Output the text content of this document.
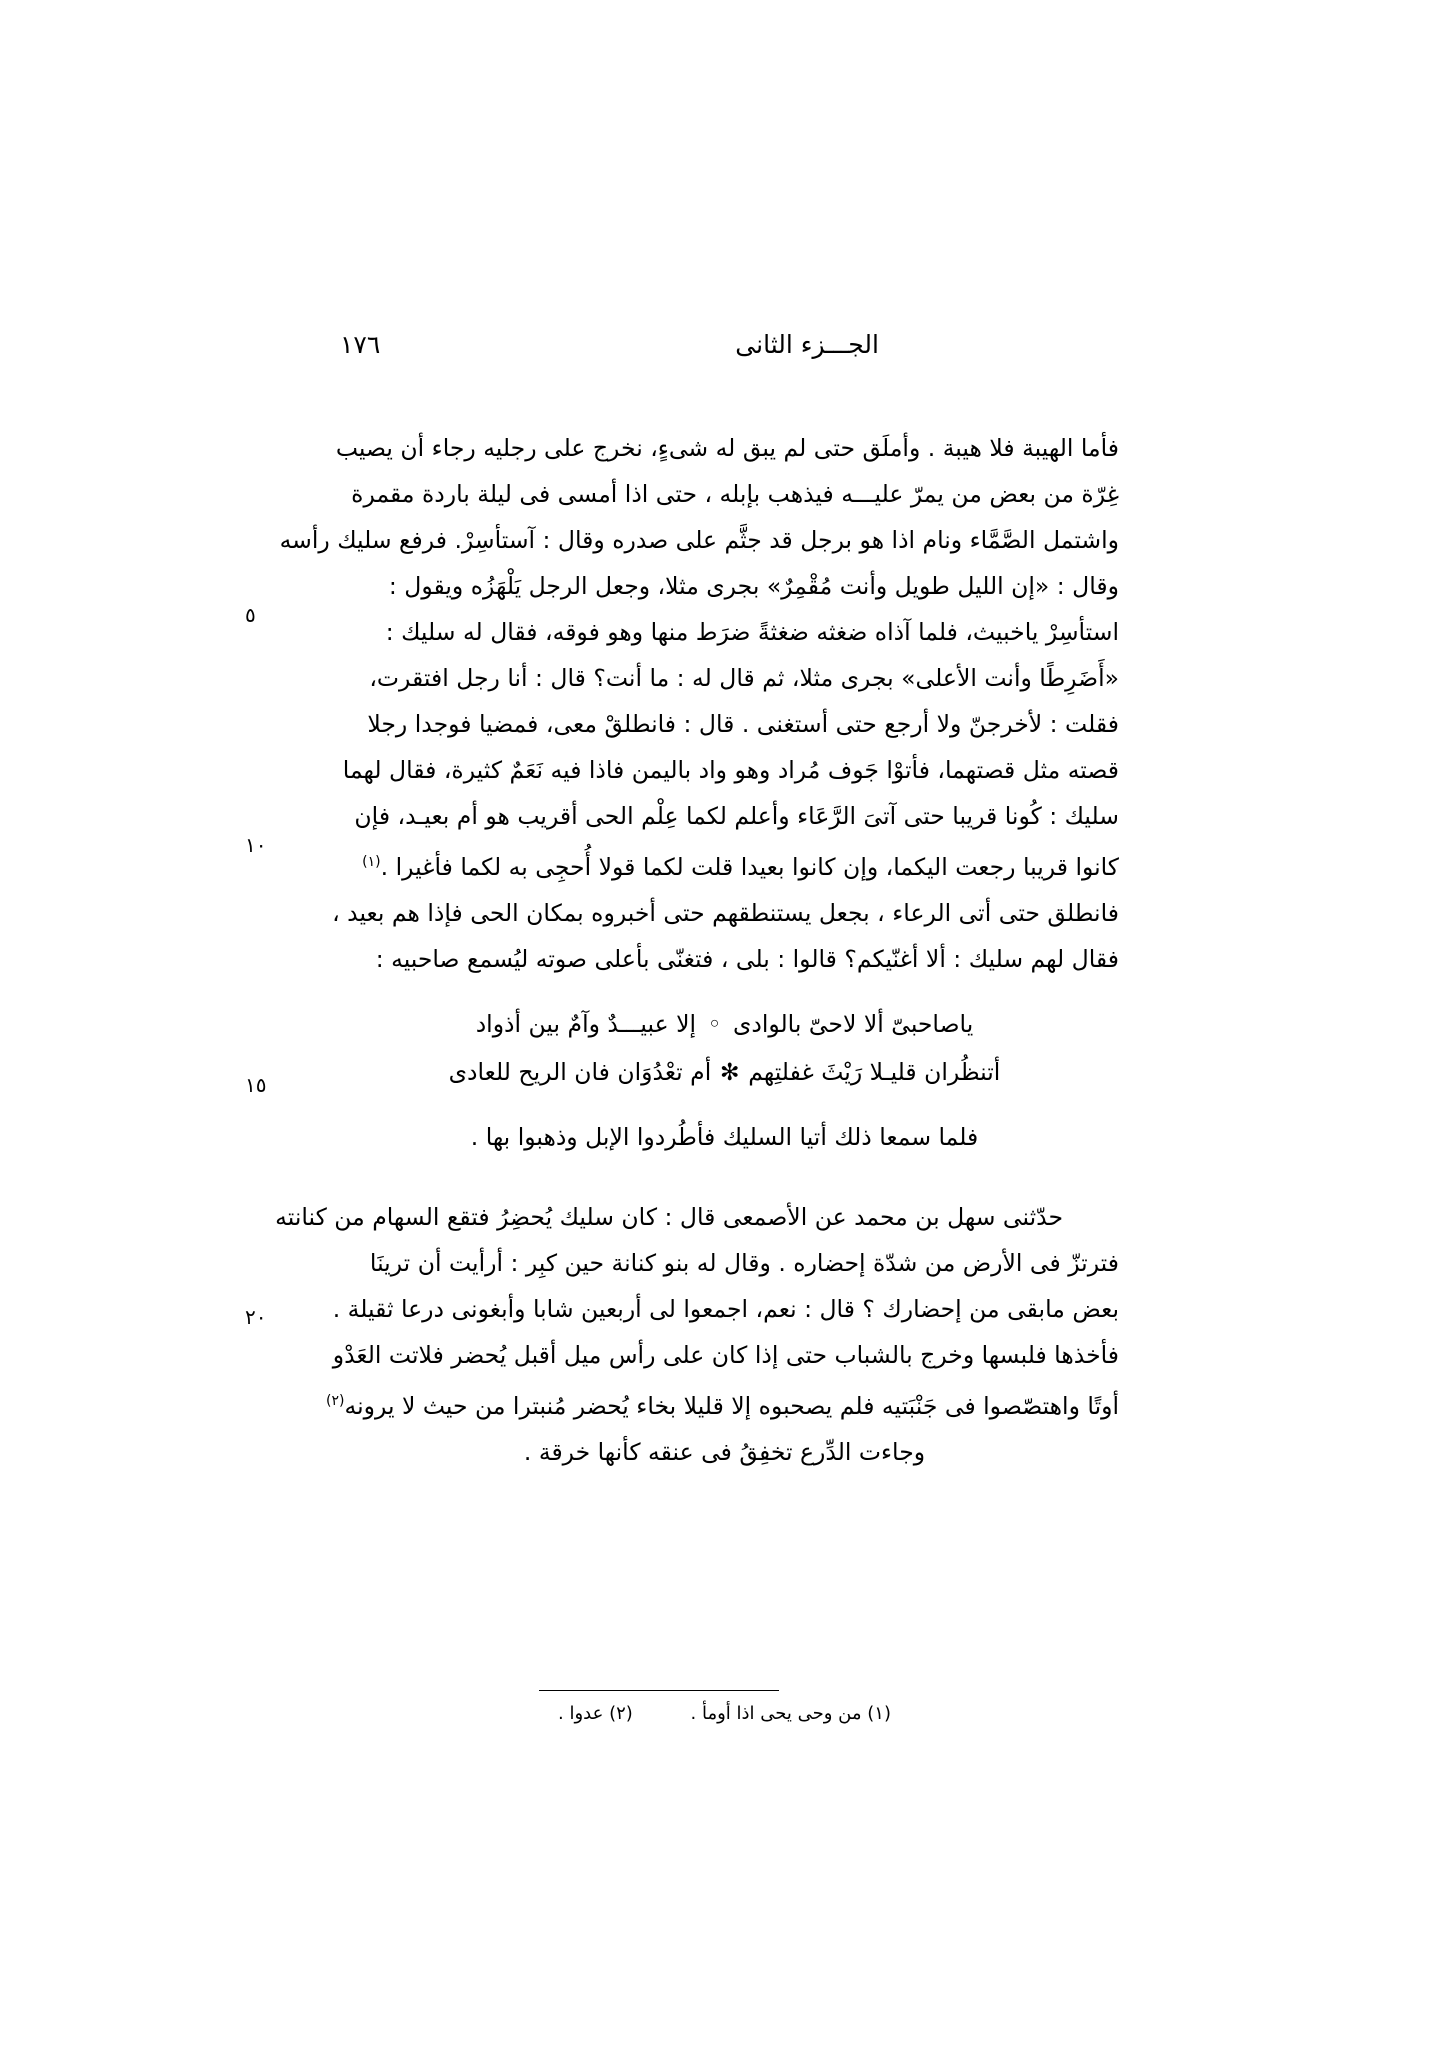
الجـــزء الثانى
١٧٦
٥
١٠
١٥
٢٠
فأما الهيبة فلا هيبة . وأملَق حتى لم يبق له شىءٍ، نخرج على رجليه رجاء أن يصيب
غِرّة من بعض من يمرّ عليـــه فيذهب بإبله ، حتى اذا أمسى فى ليلة باردة مقمرة
واشتمل الصَّمَّاء ونام اذا هو برجل قد جثَّم على صدره وقال : آستأسِرْ. فرفع سليك رأسه
وقال : «إن الليل طويل وأنت مُقْمِرٌ» بجرى مثلا، وجعل الرجل يَلْهَزُه ويقول :
استأسِرْ ياخبيث، فلما آذاه ضغثه ضغثةً ضرَط منها وهو فوقه، فقال له سليك :
«أَضَرِطًا وأنت الأعلى» بجرى مثلا، ثم قال له : ما أنت؟ قال : أنا رجل افتقرت،
فقلت : لأخرجنّ ولا أرجع حتى أستغنى . قال : فانطلقْ معى، فمضيا فوجدا رجلا
قصته مثل قصتهما، فأتوْا جَوف مُراد وهو واد باليمن فاذا فيه نَعَمٌ كثيرة، فقال لهما
سليك : كُونا قريبا حتى آتىَ الرَّعَاء وأعلم لكما عِلْم الحى أقريب هو أم بعيـد، فإن
كانوا قريبا رجعت اليكما، وإن كانوا بعيدا قلت لكما قولا أُحجِى به لكما فأغيرا .$^{(١)}$
فانطلق حتى أتى الرعاء ، بجعل يستنطقهم حتى أخبروه بمكان الحى فإذا هم بعيد ،
فقال لهم سليك : ألا أغنّيكم؟ قالوا : بلى ، فتغنّى بأعلى صوته ليُسمع صاحبيه :
ياصاحبىّ ألا لاحىّ بالوادى ◦ إلا عبيـــدٌ وآمٌ بين أذواد
أتنظُران قليـلا رَيْثَ غفلتِهم ✻ أم تعْدُوَان فان الريح للعادى
فلما سمعا ذلك أتيا السليك فأطُردوا الإبل وذهبوا بها .
حدّثنى سهل بن محمد عن الأصمعى قال : كان سليك يُحضِرُ فتقع السهام من كنانته
فترتزّ فى الأرض من شدّة إحضاره . وقال له بنو كنانة حين كبِر : أرأيت أن ترينَا
بعض مابقى من إحضارك ؟ قال : نعم، اجمعوا لى أربعين شابا وأبغونى درعا ثقيلة .
فأخذها فلبسها وخرج بالشباب حتى إذا كان على رأس ميل أقبل يُحضر فلاتت العَدْو
أوتًا واهتصّصوا فى جَنْبَتيه فلم يصحبوه إلا قليلا بخاء يُحضر مُنبترا من حيث لا يرونه$^{(٢)}$
وجاءت الدِّرع تخفِقُ فى عنقه كأنها خرقة .
(١) من وحى يحى اذا أومأ . (٢) عدوا .
